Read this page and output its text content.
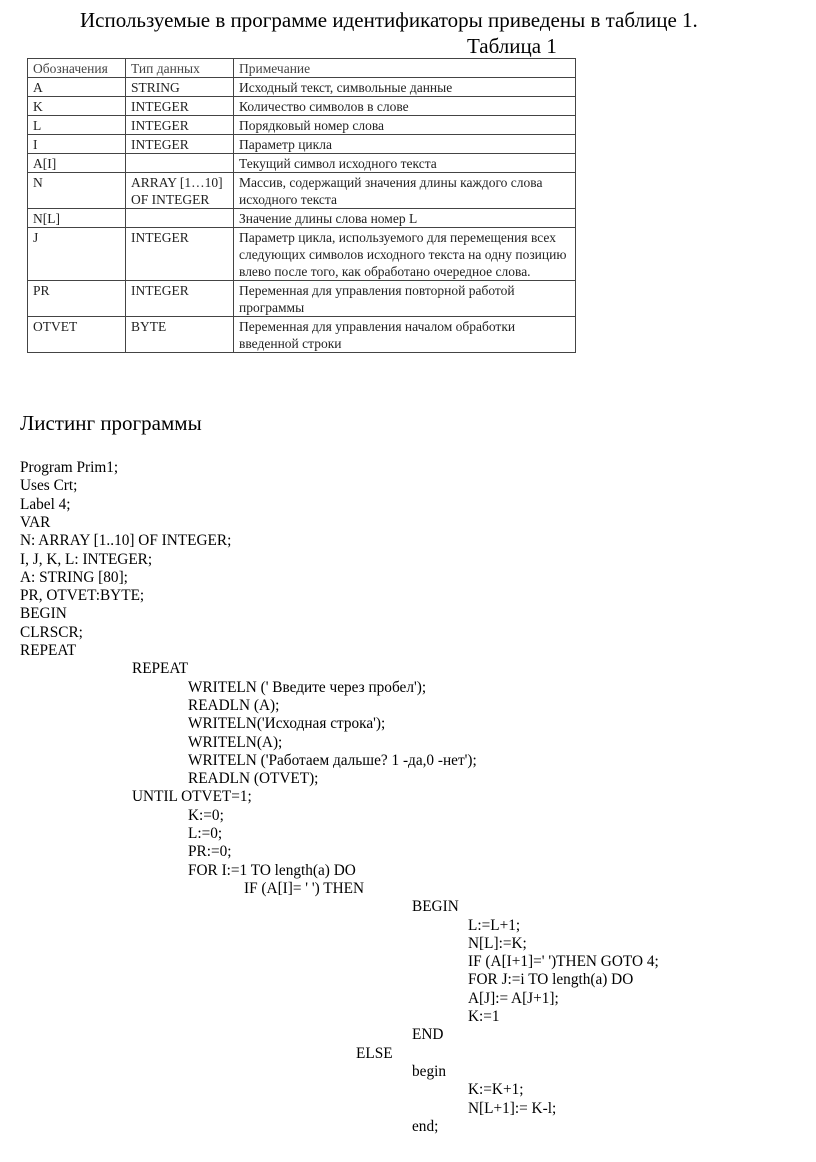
Используемые в программе идентификаторы приведены в таблице 1.
Таблица 1
Обозначения	Тип данных	Примечание
A	STRING	Исходный текст, символьные данные
K	INTEGER	Количество символов в слове
L	INTEGER	Порядковый номер слова
I	INTEGER	Параметр цикла
A[I]		Текущий символ исходного текста
N	ARRAY [1…10] OF INTEGER	Массив, содержащий значения длины каждого слова исходного текста
N[L]		Значение длины слова номер L
J	INTEGER	Параметр цикла, используемого для перемещения всех следующих символов исходного текста на одну позицию влево после того, как обработано очередное слова.
PR	INTEGER	Переменная для управления повторной работой программы
OTVET	BYTE	Переменная для управления началом обработки введенной строки
Листинг программы
Program Prim1;
Uses Crt;
Label 4;
VAR
N: ARRAY [1..10] OF INTEGER;
I, J, K, L: INTEGER;
A: STRING [80];
PR, OTVET:BYTE;
BEGIN
CLRSCR;
REPEAT
REPEAT
WRITELN (' Введите через пробел');
READLN (A);
WRITELN('Исходная строка');
WRITELN(A);
WRITELN ('Работаем дальше? 1 -да,0 -нет');
READLN (OTVET);
UNTIL OTVET=1;
K:=0;
L:=0;
PR:=0;
FOR I:=1 TO length(a) DO
IF (A[I]= ' ') THEN
BEGIN
L:=L+1;
N[L]:=K;
IF (A[I+1]=' ')THEN GOTO 4;
FOR J:=i TO length(a) DO
A[J]:= A[J+1];
K:=1
END
ELSE
begin
K:=K+1;
N[L+1]:= K-l;
end;
